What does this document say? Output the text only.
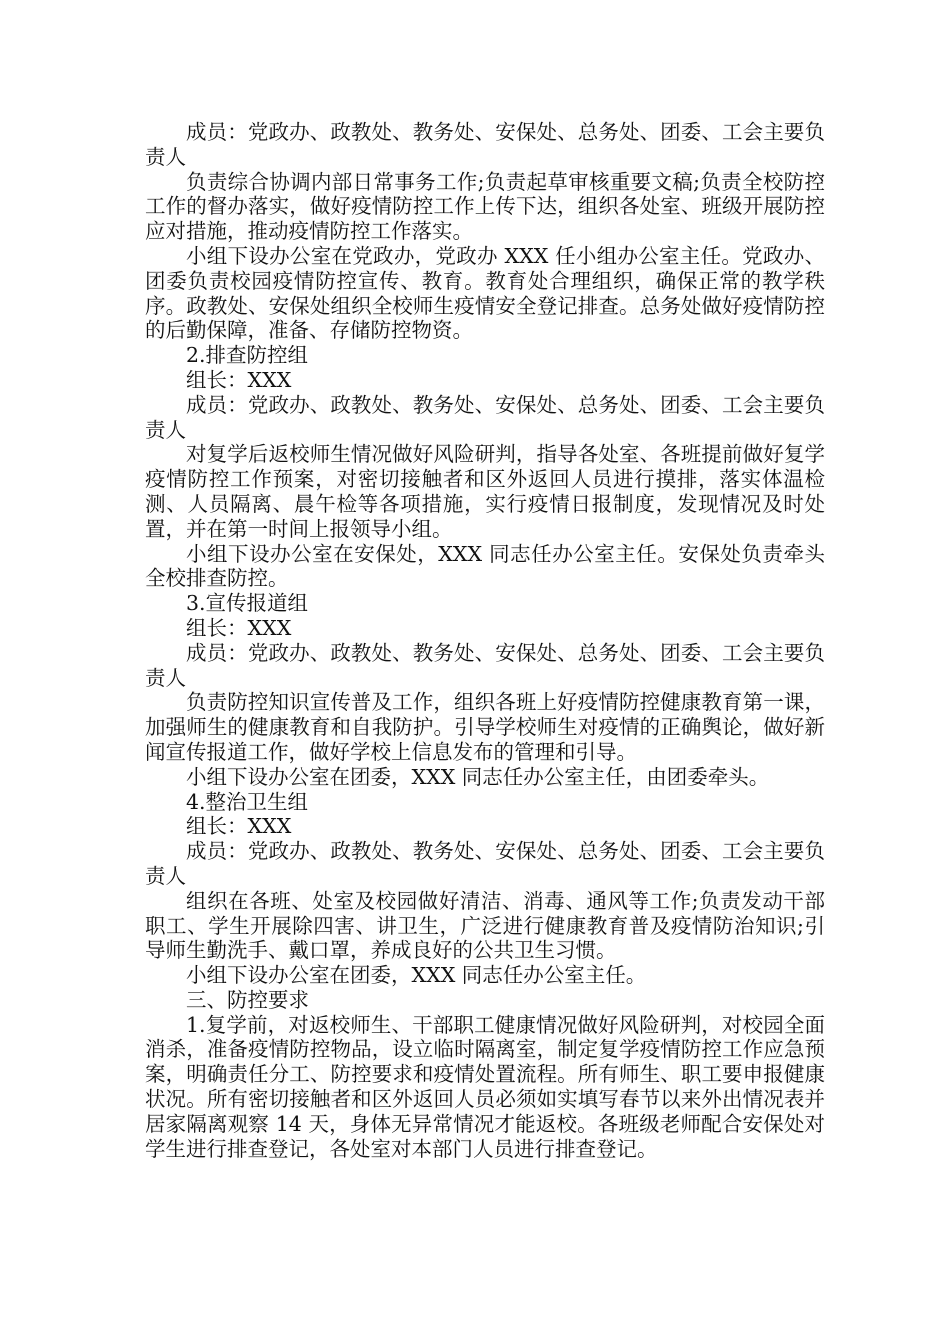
成员：党政办、政教处、教务处、安保处、总务处、团委、工会主要负责人

负责综合协调内部日常事务工作;负责起草审核重要文稿;负责全校防控工作的督办落实，做好疫情防控工作上传下达，组织各处室、班级开展防控应对措施，推动疫情防控工作落实。

小组下设办公室在党政办，党政办 XXX 任小组办公室主任。党政办、团委负责校园疫情防控宣传、教育。教育处合理组织，确保正常的教学秩序。政教处、安保处组织全校师生疫情安全登记排查。总务处做好疫情防控的后勤保障，准备、存储防控物资。

2.排查防控组

组长：XXX

成员：党政办、政教处、教务处、安保处、总务处、团委、工会主要负责人

对复学后返校师生情况做好风险研判，指导各处室、各班提前做好复学疫情防控工作预案，对密切接触者和区外返回人员进行摸排，落实体温检测、人员隔离、晨午检等各项措施，实行疫情日报制度，发现情况及时处置，并在第一时间上报领导小组。

小组下设办公室在安保处，XXX 同志任办公室主任。安保处负责牵头全校排查防控。

3.宣传报道组

组长：XXX

成员：党政办、政教处、教务处、安保处、总务处、团委、工会主要负责人

负责防控知识宣传普及工作，组织各班上好疫情防控健康教育第一课，加强师生的健康教育和自我防护。引导学校师生对疫情的正确舆论，做好新闻宣传报道工作，做好学校上信息发布的管理和引导。

小组下设办公室在团委，XXX 同志任办公室主任，由团委牵头。

4.整治卫生组

组长：XXX

成员：党政办、政教处、教务处、安保处、总务处、团委、工会主要负责人

组织在各班、处室及校园做好清洁、消毒、通风等工作;负责发动干部职工、学生开展除四害、讲卫生，广泛进行健康教育普及疫情防治知识;引导师生勤洗手、戴口罩，养成良好的公共卫生习惯。

小组下设办公室在团委，XXX 同志任办公室主任。

三、防控要求

1.复学前，对返校师生、干部职工健康情况做好风险研判，对校园全面消杀，准备疫情防控物品，设立临时隔离室，制定复学疫情防控工作应急预案，明确责任分工、防控要求和疫情处置流程。所有师生、职工要申报健康状况。所有密切接触者和区外返回人员必须如实填写春节以来外出情况表并居家隔离观察 14 天，身体无异常情况才能返校。各班级老师配合安保处对学生进行排查登记，各处室对本部门人员进行排查登记。
